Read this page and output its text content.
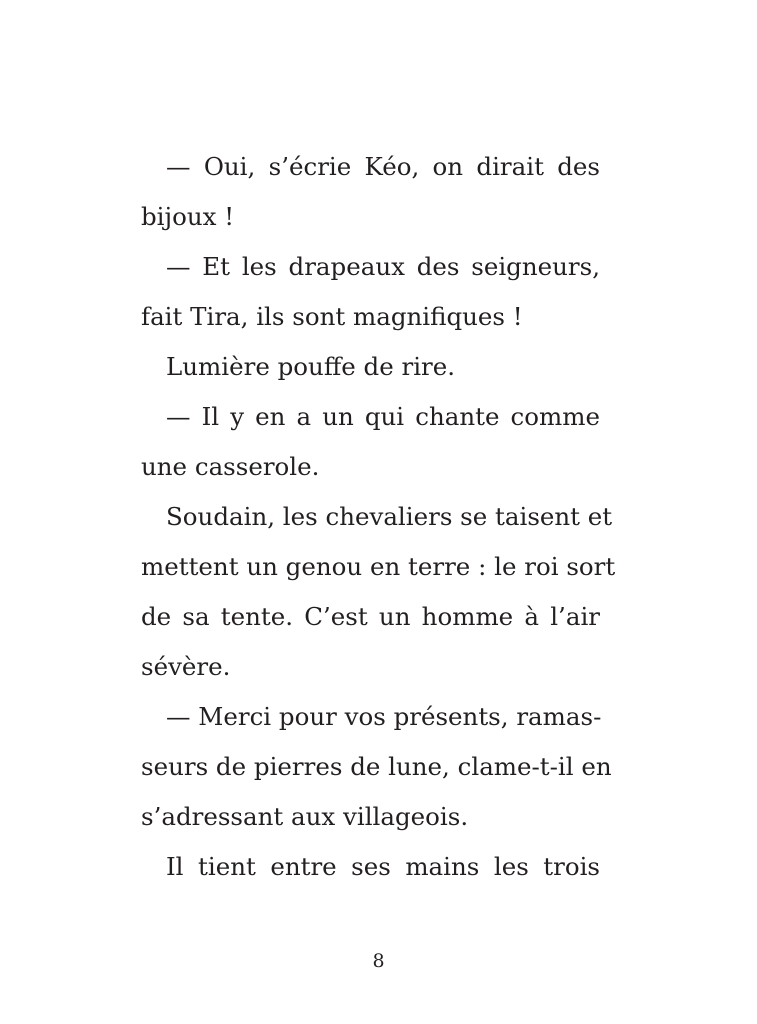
— Oui, s’écrie Kéo, on dirait des
bijoux !
— Et les drapeaux des seigneurs,
fait Tira, ils sont magnifiques !
Lumière pouffe de rire.
— Il y en a un qui chante comme
une casserole.
Soudain, les chevaliers se taisent et
mettent un genou en terre : le roi sort
de sa tente. C’est un homme à l’air
sévère.
— Merci pour vos présents, ramas-
seurs de pierres de lune, clame-t-il en
s’adressant aux villageois.
Il tient entre ses mains les trois
8
